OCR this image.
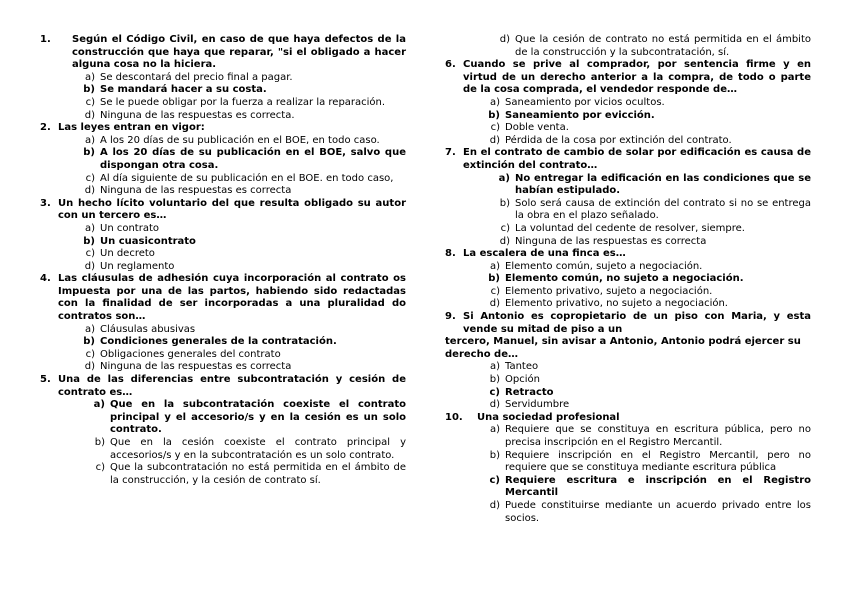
1.	Según el Código Civil, en caso de que haya defectos de la construcción que haya que reparar, "si el obligado a hacer alguna cosa no la hiciera.
a) Se descontará del precio final a pagar.
b) Se mandará hacer a su costa.
c) Se le puede obligar por la fuerza a realizar la reparación.
d) Ninguna de las respuestas es correcta.
2. Las leyes entran en vigor:
a) A los 20 días de su publicación en el BOE, en todo caso.
b) A los 20 días de su publicación en el BOE, salvo que dispongan otra cosa.
c) Al día siguiente de su publicación en el BOE. en todo caso,
d) Ninguna de las respuestas es correcta
3. Un hecho lícito voluntario del que resulta obligado su autor con un tercero es…
a) Un contrato
b) Un cuasicontrato
c) Un decreto
d) Un reglamento
4. Las cláusulas de adhesión cuya incorporación al contrato os Impuesta por una de las partos, habiendo sido redactadas con la finalidad de ser incorporadas a una pluralidad do contratos son…
a) Cláusulas abusivas
b) Condiciones generales de la contratación.
c) Obligaciones generales del contrato
d) Ninguna de las respuestas es correcta
5. Una de las diferencias entre subcontratación y cesión de contrato es…
a) Que en la subcontratación coexiste el contrato principal y el accesorio/s y en la cesión es un solo contrato.
b) Que en la cesión coexiste el contrato principal y accesorios/s y en la subcontratación es un solo contrato.
c) Que la subcontratación no está permitida en el ámbito de la construcción, y la cesión de contrato sí.
d) Que la cesión de contrato no está permitida en el ámbito de la construcción y la subcontratación, sí.
6. Cuando se prive al comprador, por sentencia firme y en virtud de un derecho anterior a la compra, de todo o parte de la cosa comprada, el vendedor responde de…
a) Saneamiento por vicios ocultos.
b) Saneamiento por evicción.
c) Doble venta.
d) Pérdida de la cosa por extinción del contrato.
7. En el contrato de cambio de solar por edificación es causa de extinción del contrato…
a) No entregar la edificación en las condiciones que se habían estipulado.
b) Solo será causa de extinción del contrato si no se entrega la obra en el plazo señalado.
c) La voluntad del cedente de resolver, siempre.
d) Ninguna de las respuestas es correcta
8. La escalera de una finca es…
a) Elemento común, sujeto a negociación.
b) Elemento común, no sujeto a negociación.
c) Elemento privativo, sujeto a negociación.
d) Elemento privativo, no sujeto a negociación.
9. Si Antonio es copropietario de un piso con Maria, y esta vende su mitad de piso a un
tercero, Manuel, sin avisar a Antonio, Antonio podrá ejercer su derecho de…
a) Tanteo
b) Opción
c) Retracto
d) Servidumbre
10.	Una sociedad profesional
a) Requiere que se constituya en escritura pública, pero no precisa inscripción en el Registro Mercantil.
b) Requiere inscripción en el Registro Mercantil, pero no requiere que se constituya mediante escritura pública
c) Requiere escritura e inscripción en el Registro Mercantil
d) Puede constituirse mediante un acuerdo privado entre los socios.
